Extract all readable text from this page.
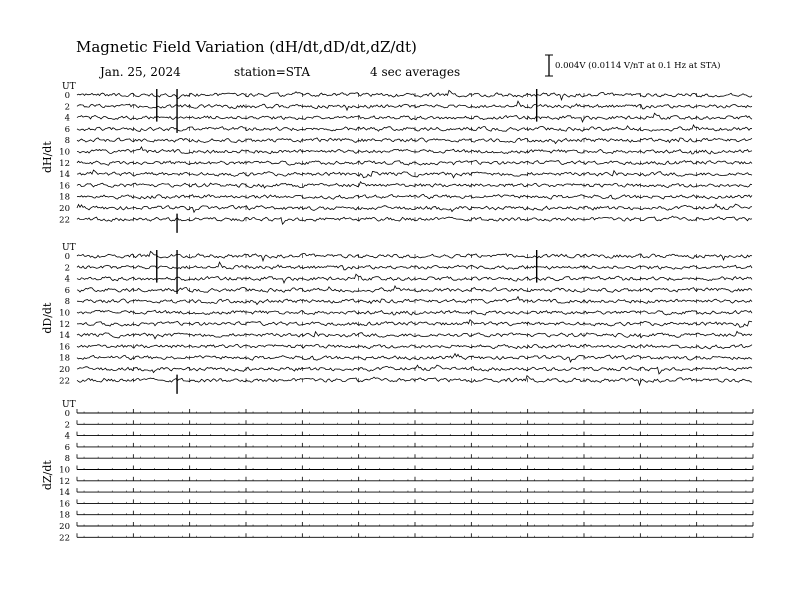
Magnetic Field Variation (dH/dt,dD/dt,dZ/dt)
Jan. 25, 2024	station=STA	4 sec averages	0.004V (0.0114 V/nT at 0.1 Hz at STA)
UT
dH/dt
0
2
4
6
8
10
12
14
16
18
20
22
UT
dD/dt
0
2
4
6
8
10
12
14
16
18
20
22
UT
dZ/dt
0
2
4
6
8
10
12
14
16
18
20
22
